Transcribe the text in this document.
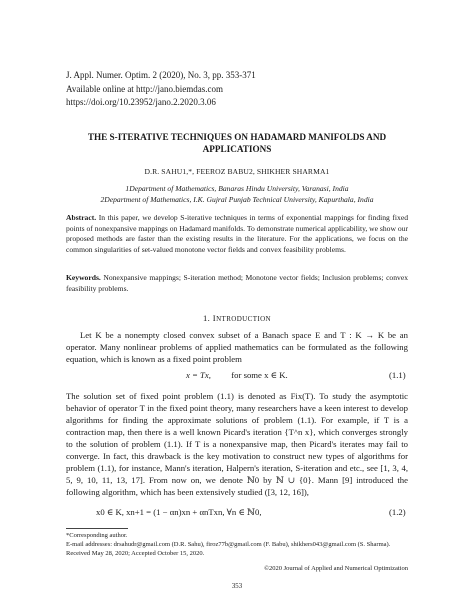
J. Appl. Numer. Optim. 2 (2020), No. 3, pp. 353-371
Available online at http://jano.biemdas.com
https://doi.org/10.23952/jano.2.2020.3.06
THE S-ITERATIVE TECHNIQUES ON HADAMARD MANIFOLDS AND APPLICATIONS
D.R. SAHU1,*, FEEROZ BABU2, SHIKHER SHARMA1
1Department of Mathematics, Banaras Hindu University, Varanasi, India
2Department of Mathematics, I.K. Gujral Punjab Technical University, Kapurthala, India
Abstract. In this paper, we develop S-iterative techniques in terms of exponential mappings for finding fixed points of nonexpansive mappings on Hadamard manifolds. To demonstrate numerical applicability, we show our proposed methods are faster than the existing results in the literature. For the applications, we focus on the common singularities of set-valued monotone vector fields and convex feasibility problems.
Keywords. Nonexpansive mappings; S-iteration method; Monotone vector fields; Inclusion problems; convex feasibility problems.
1. INTRODUCTION
Let K be a nonempty closed convex subset of a Banach space E and T : K → K be an operator. Many nonlinear problems of applied mathematics can be formulated as the following equation, which is known as a fixed point problem
x = Tx, for some x ∈ K.	(1.1)
The solution set of fixed point problem (1.1) is denoted as Fix(T). To study the asymptotic behavior of operator T in the fixed point theory, many researchers have a keen interest to develop algorithms for finding the approximate solutions of problem (1.1). For example, if T is a contraction map, then there is a well known Picard's iteration {T^n x}, which converges strongly to the solution of problem (1.1). If T is a nonexpansive map, then Picard's iterates may fail to converge. In fact, this drawback is the key motivation to construct new types of algorithms for problem (1.1), for instance, Mann's iteration, Halpern's iteration, S-iteration and etc., see [1, 3, 4, 5, 9, 10, 11, 13, 17]. From now on, we denote ℕ0 by ℕ ∪ {0}. Mann [9] introduced the following algorithm, which has been extensively studied ([3, 12, 16]),
x0 ∈ K, xn+1 = (1 − αn)xn + αnTxn, ∀n ∈ ℕ0,	(1.2)
*Corresponding author.
E-mail addresses: drsahudr@gmail.com (D.R. Sahu), firoz77b@gmail.com (F. Babu), shikhers043@gmail.com (S. Sharma).
Received May 28, 2020; Accepted October 15, 2020.
©2020 Journal of Applied and Numerical Optimization
353
